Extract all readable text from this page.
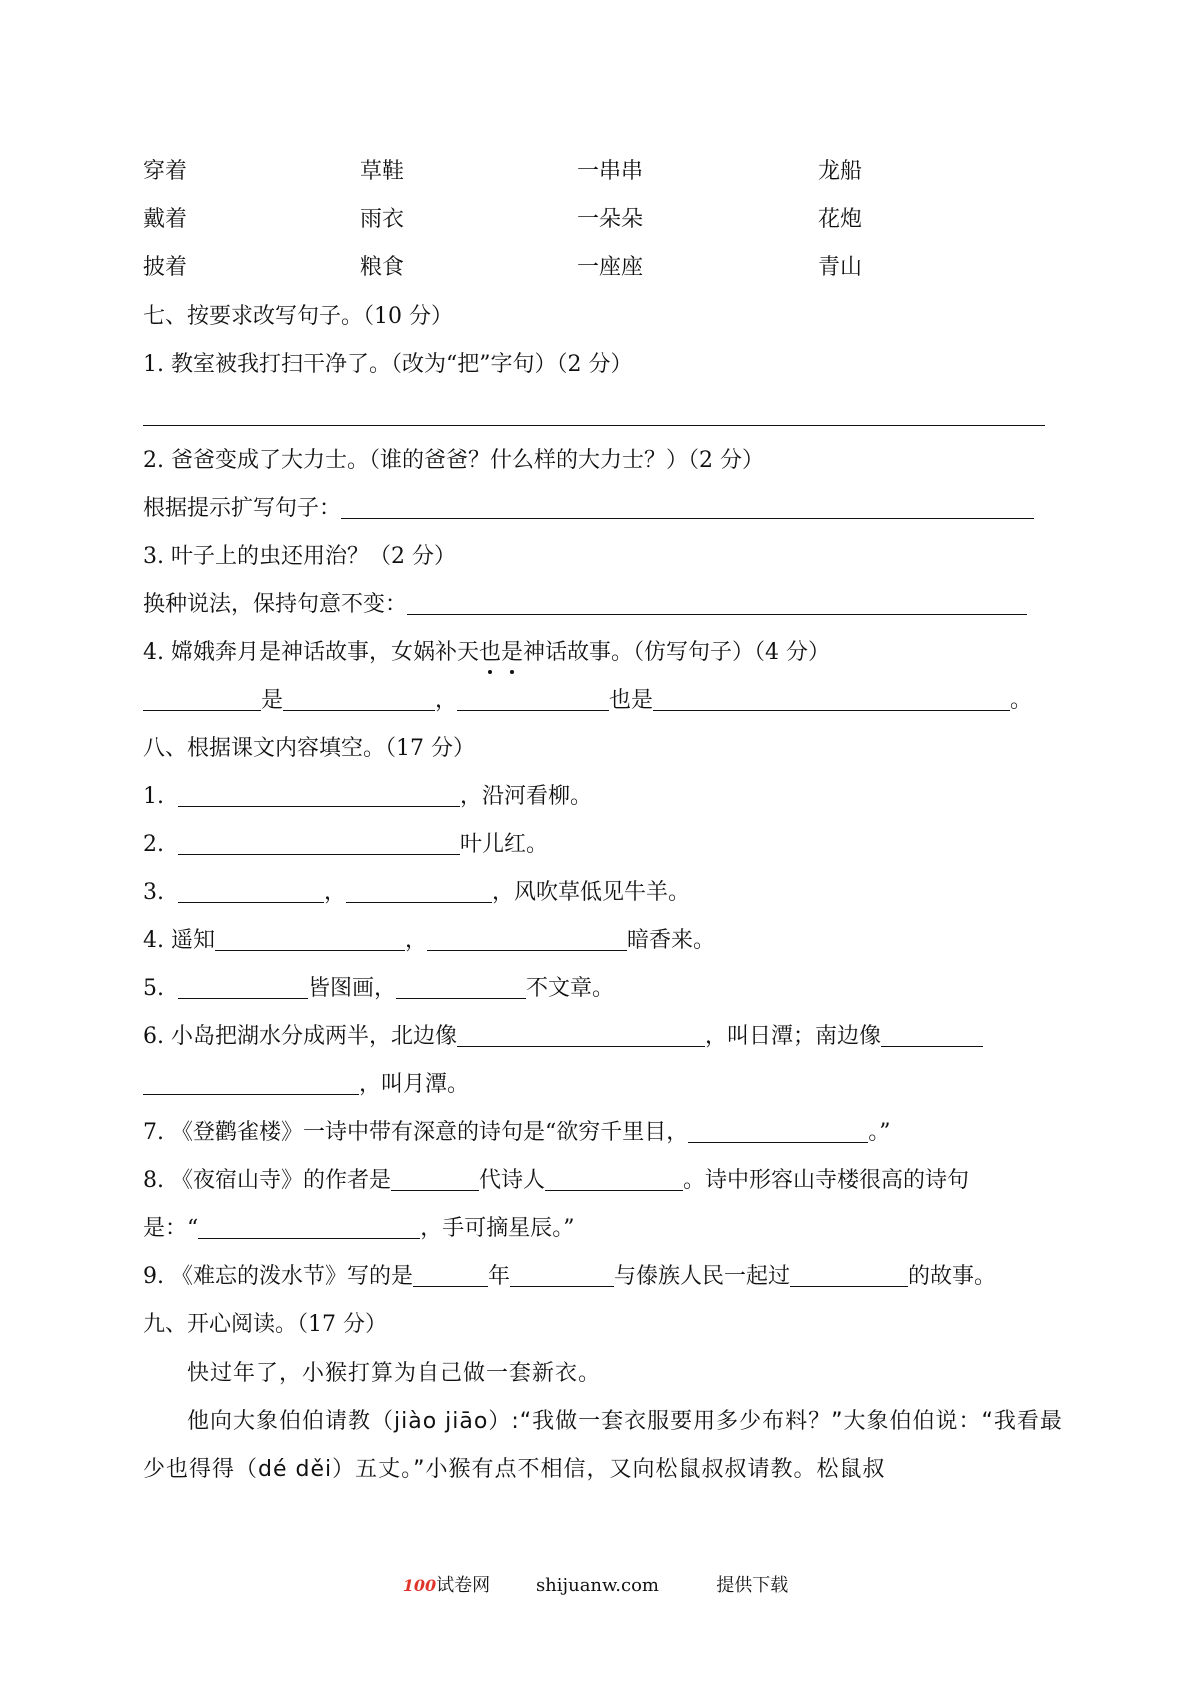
穿着	草鞋	一串串	龙船
戴着	雨衣	一朵朵	花炮
披着	粮食	一座座	青山
七、按要求改写句子。（10 分）
1. 教室被我打扫干净了。（改为“把”字句）（2 分）
2. 爸爸变成了大力士。（谁的爸爸？什么样的大力士？）（2 分）
根据提示扩写句子：
3. 叶子上的虫还用治？（2 分）
换种说法，保持句意不变：
4. 嫦娥奔月是神话故事，女娲补天也是神话故事。（仿写句子）（4 分）
是	，	也是	。
八、根据课文内容填空。（17 分）
1.	，沿河看柳。
2.	叶儿红。
3.	，	，风吹草低见牛羊。
4. 遥知	，	暗香来。
5.	皆图画，	不文章。
6. 小岛把湖水分成两半，北边像	，叫日潭；南边像
，叫月潭。
7. 《登鹳雀楼》一诗中带有深意的诗句是“欲穷千里目，	。”
8. 《夜宿山寺》的作者是	代诗人	。诗中形容山寺楼很高的诗句
是：“	，手可摘星辰。”
9. 《难忘的泼水节》写的是	年	与傣族人民一起过	的故事。
九、开心阅读。（17 分）
快过年了，小猴打算为自己做一套新衣。
他向大象伯伯请教（jiào jiāo）:“我做一套衣服要用多少布料？”大象伯伯说：“我看最少也得得（dé děi）五丈。”小猴有点不相信，又向松鼠叔叔请教。松鼠叔
100试卷网	shijuanw.com	提供下载
